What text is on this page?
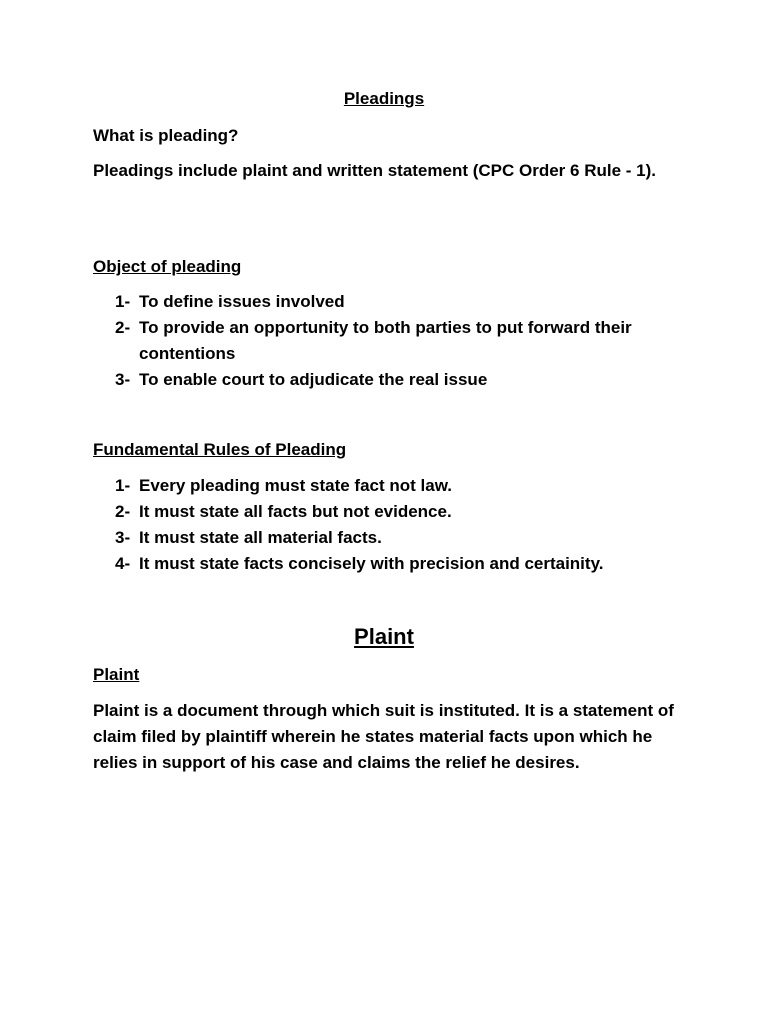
Pleadings
What is pleading?
Pleadings include plaint and written statement (CPC Order 6 Rule - 1).
Object of pleading
1- To define issues involved
2- To provide an opportunity to both parties to put forward their contentions
3- To enable court to adjudicate the real issue
Fundamental Rules of Pleading
1- Every pleading must state fact not law.
2- It must state all facts but not evidence.
3- It must state all material facts.
4- It must state facts concisely with precision and certainity.
Plaint
Plaint
Plaint is a document through which suit is instituted. It is a statement of claim filed by plaintiff wherein he states material facts upon which he relies in support of his case and claims the relief he desires.
